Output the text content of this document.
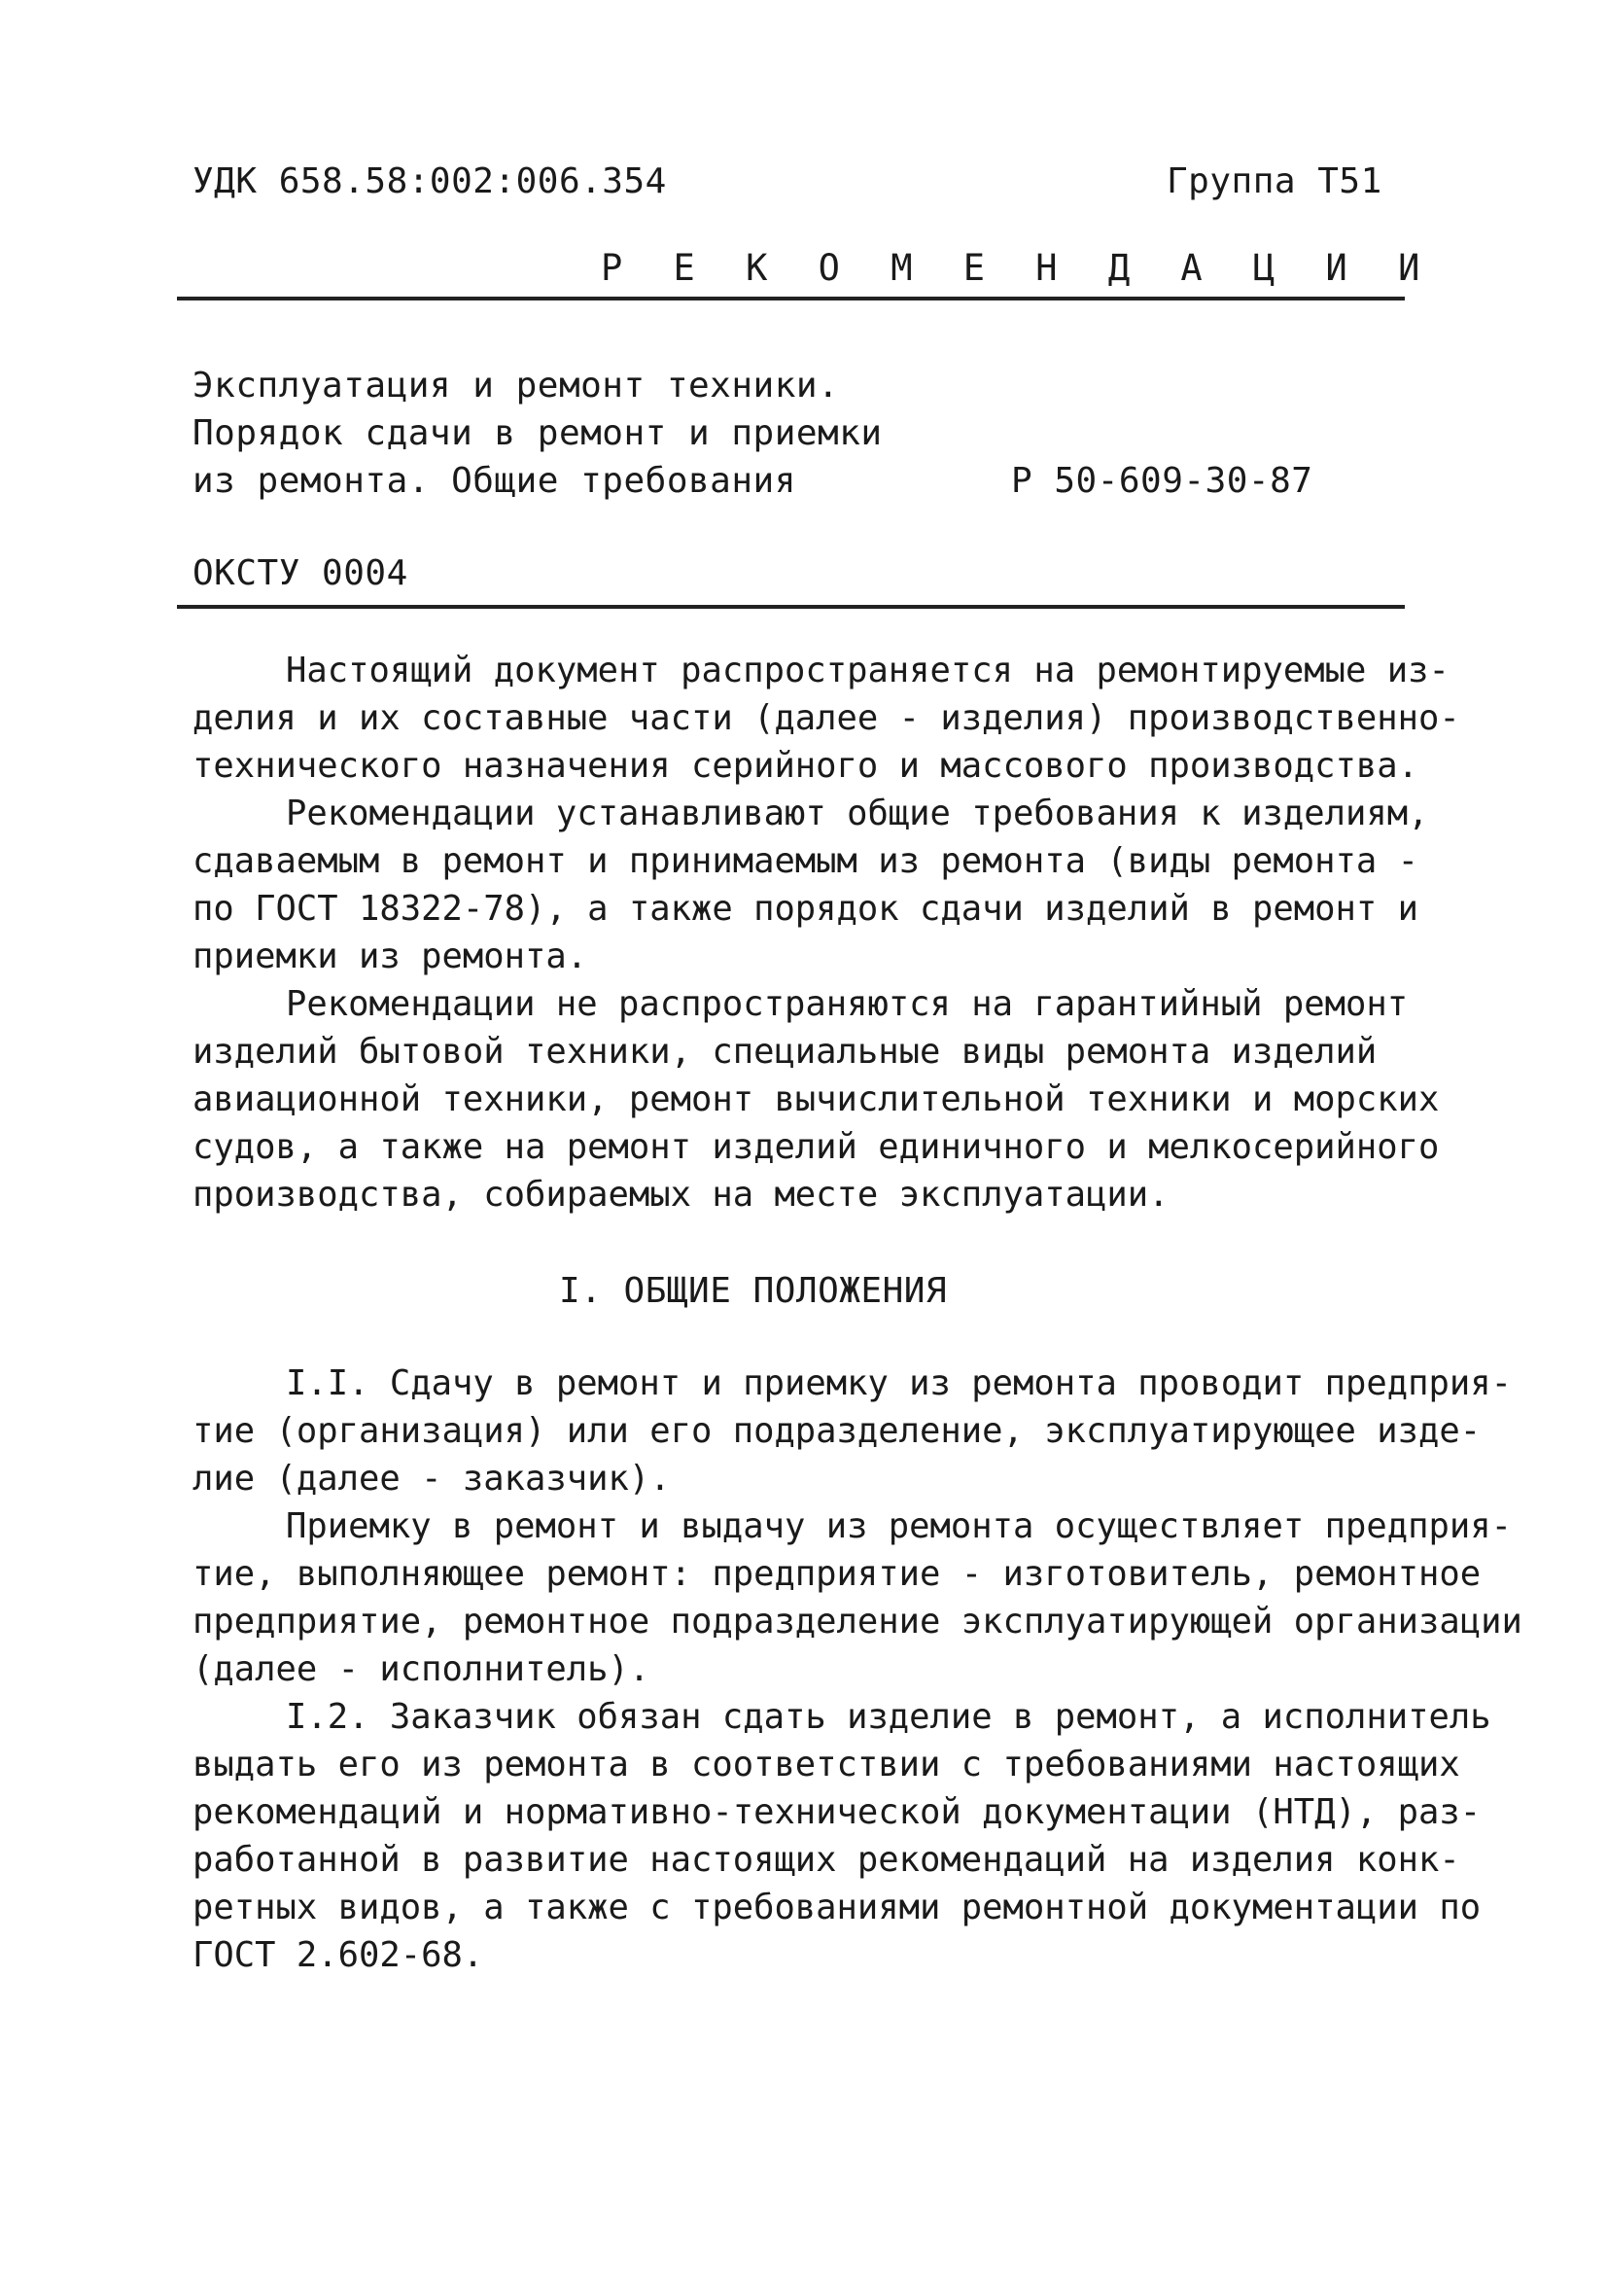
УДК 658.58:002:006.354	Группа Т51
Р Е К О М Е Н Д А Ц И И
Эксплуатация и ремонт техники.
Порядок сдачи в ремонт и приемки
из ремонта. Общие требования	Р 50-609-30-87
ОКСТУ 0004
Настоящий документ распространяется на ремонтируемые из-
делия и их составные части (далее - изделия) производственно-
технического назначения серийного и массового производства.
Рекомендации устанавливают общие требования к изделиям,
сдаваемым в ремонт и принимаемым из ремонта (виды ремонта -
по ГОСТ 18322-78), а также порядок сдачи изделий в ремонт и
приемки из ремонта.
Рекомендации не распространяются на гарантийный ремонт
изделий бытовой техники, специальные виды ремонта изделий
авиационной техники, ремонт вычислительной техники и морских
судов, а также на ремонт изделий единичного и мелкосерийного
производства, собираемых на месте эксплуатации.
I. ОБЩИЕ ПОЛОЖЕНИЯ
I.I. Сдачу в ремонт и приемку из ремонта проводит предприя-
тие (организация) или его подразделение, эксплуатирующее изде-
лие (далее - заказчик).
Приемку в ремонт и выдачу из ремонта осуществляет предприя-
тие, выполняющее ремонт: предприятие - изготовитель, ремонтное
предприятие, ремонтное подразделение эксплуатирующей организации
(далее - исполнитель).
I.2. Заказчик обязан сдать изделие в ремонт, а исполнитель
выдать его из ремонта в соответствии с требованиями настоящих
рекомендаций и нормативно-технической документации (НТД), раз-
работанной в развитие настоящих рекомендаций на изделия конк-
ретных видов, а также с требованиями ремонтной документации по
ГОСТ 2.602-68.
